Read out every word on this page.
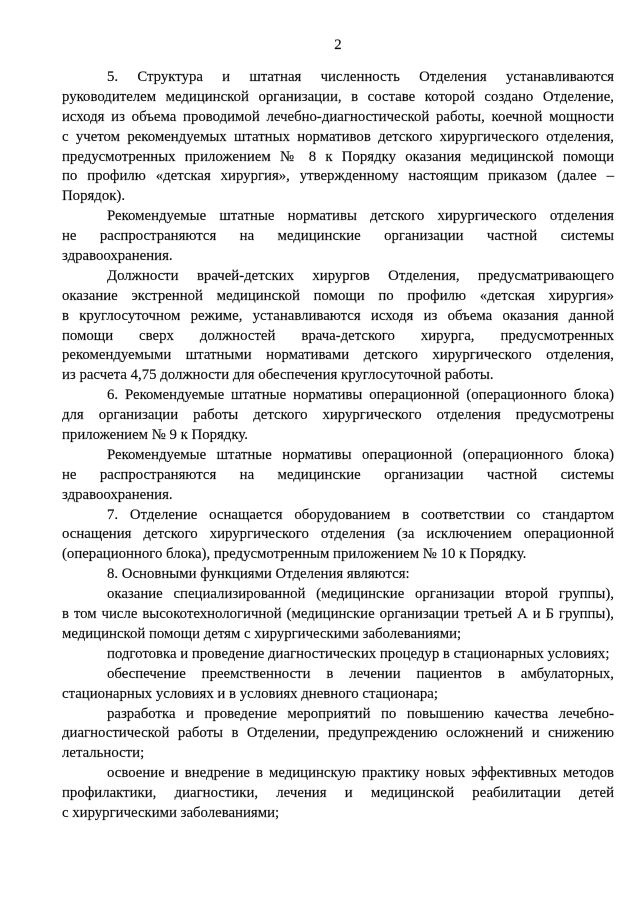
2
5. Структура и штатная численность Отделения устанавливаются
руководителем медицинской организации, в составе которой создано Отделение,
исходя из объема проводимой лечебно-диагностической работы, коечной мощности
с учетом рекомендуемых штатных нормативов детского хирургического отделения,
предусмотренных приложением № 8 к Порядку оказания медицинской помощи
по профилю «детская хирургия», утвержденному настоящим приказом (далее –
Порядок).
Рекомендуемые штатные нормативы детского хирургического отделения
не распространяются на медицинские организации частной системы
здравоохранения.
Должности врачей-детских хирургов Отделения, предусматривающего
оказание экстренной медицинской помощи по профилю «детская хирургия»
в круглосуточном режиме, устанавливаются исходя из объема оказания данной
помощи сверх должностей врача-детского хирурга, предусмотренных
рекомендуемыми штатными нормативами детского хирургического отделения,
из расчета 4,75 должности для обеспечения круглосуточной работы.
6. Рекомендуемые штатные нормативы операционной (операционного блока)
для организации работы детского хирургического отделения предусмотрены
приложением № 9 к Порядку.
Рекомендуемые штатные нормативы операционной (операционного блока)
не распространяются на медицинские организации частной системы
здравоохранения.
7. Отделение оснащается оборудованием в соответствии со стандартом
оснащения детского хирургического отделения (за исключением операционной
(операционного блока), предусмотренным приложением № 10 к Порядку.
8. Основными функциями Отделения являются:
оказание специализированной (медицинские организации второй группы),
в том числе высокотехнологичной (медицинские организации третьей А и Б группы),
медицинской помощи детям с хирургическими заболеваниями;
подготовка и проведение диагностических процедур в стационарных условиях;
обеспечение преемственности в лечении пациентов в амбулаторных,
стационарных условиях и в условиях дневного стационара;
разработка и проведение мероприятий по повышению качества лечебно-
диагностической работы в Отделении, предупреждению осложнений и снижению
летальности;
освоение и внедрение в медицинскую практику новых эффективных методов
профилактики, диагностики, лечения и медицинской реабилитации детей
с хирургическими заболеваниями;
